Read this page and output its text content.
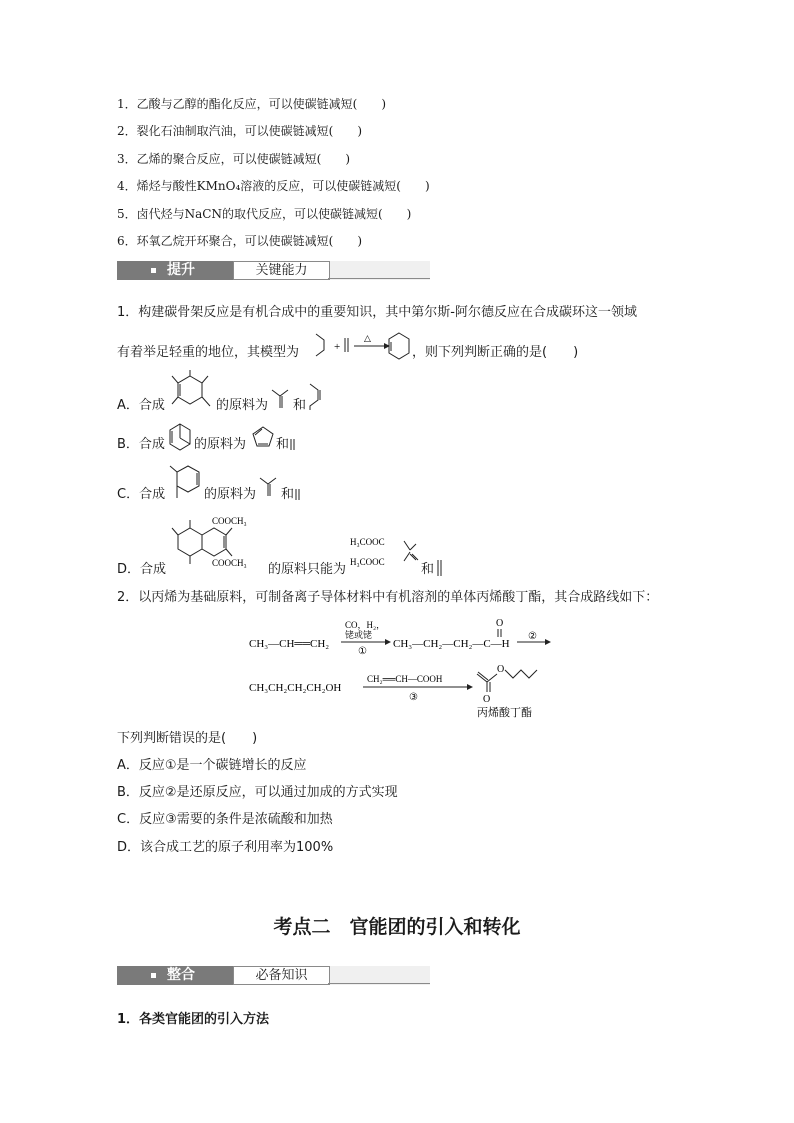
1．乙酸与乙醇的酯化反应，可以使碳链减短(　　)
2．裂化石油制取汽油，可以使碳链减短(　　)
3．乙烯的聚合反应，可以使碳链减短(　　)
4．烯烃与酸性KMnO₄溶液的反应，可以使碳链减短(　　)
5．卤代烃与NaCN的取代反应，可以使碳链减短(　　)
6．环氧乙烷开环聚合，可以使碳链减短(　　)
提升	关键能力
1．构建碳骨架反应是有机合成中的重要知识，其中第尔斯-阿尔德反应在合成碳环这一领域
有着举足轻重的地位，其模型为	+
△
，则下列判断正确的是(　　)
A．合成	的原料为 和
B．合成 的原料为 和
C．合成	的原料为 和
D．合成
COOCH₃
COOCH₃ 的原料只能为
H₃COOC
H₃COOC	和
2．以丙烯为基础原料，可制备离子导体材料中有机溶剂的单体丙烯酸丁酯，其合成路线如下：
CH₃—CH══CH₂
CO，H₂，
铑或铑
①
CH₃—CH₂—CH₂—C—H
O
②
CH₃CH₂CH₂CH₂OH
CH₂══CH—COOH
③	O
O
丙烯酸丁酯
下列判断错误的是(　　)
A．反应①是一个碳链增长的反应
B．反应②是还原反应，可以通过加成的方式实现
C．反应③需要的条件是浓硫酸和加热
D．该合成工艺的原子利用率为100%
考点二　官能团的引入和转化
整合	必备知识
1．各类官能团的引入方法
